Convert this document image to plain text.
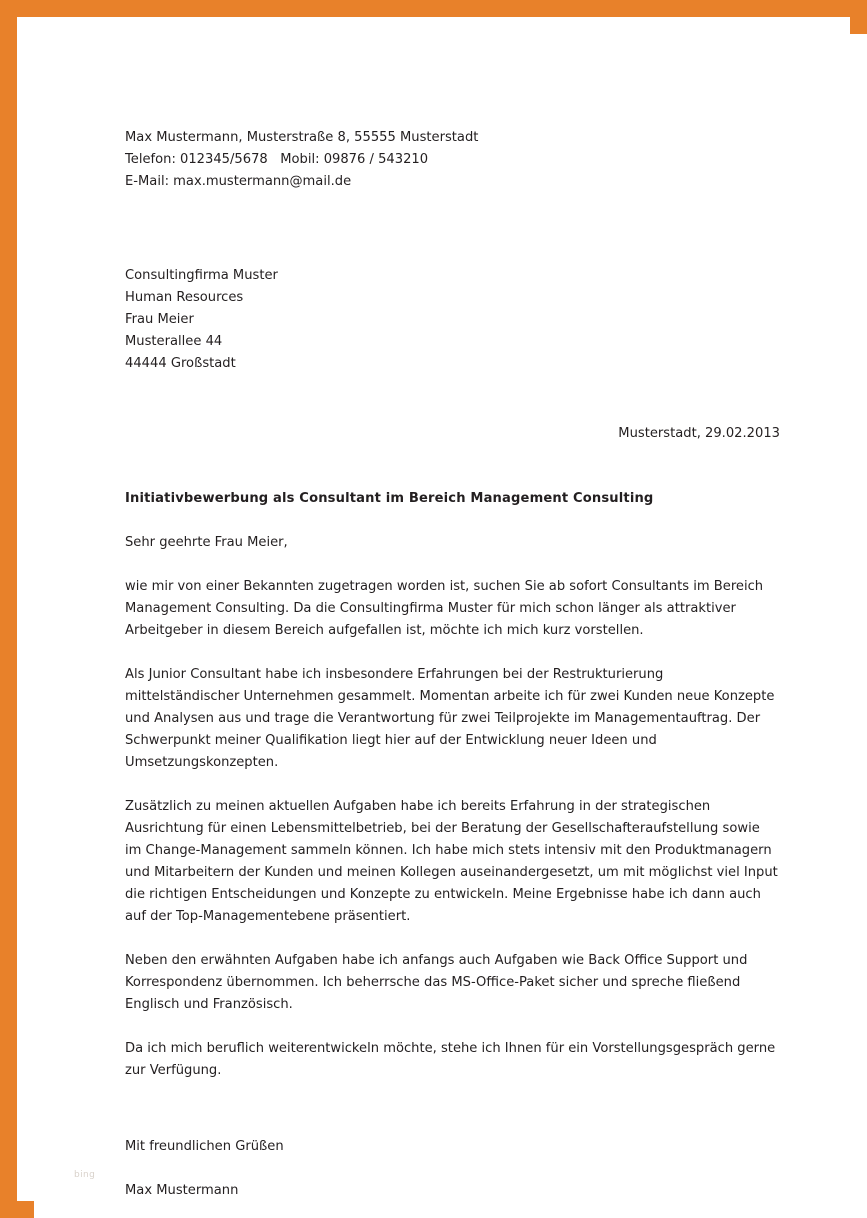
Max Mustermann, Musterstraße 8, 55555 Musterstadt
Telefon: 012345/5678   Mobil: 09876 / 543210
E-Mail: max.mustermann@mail.de
Consultingfirma Muster
Human Resources
Frau Meier
Musterallee 44
44444 Großstadt
Musterstadt, 29.02.2013
Initiativbewerbung als Consultant im Bereich Management Consulting
Sehr geehrte Frau Meier,

wie mir von einer Bekannten zugetragen worden ist, suchen Sie ab sofort Consultants im Bereich Management Consulting. Da die Consultingfirma Muster für mich schon länger als attraktiver Arbeitgeber in diesem Bereich aufgefallen ist, möchte ich mich kurz vorstellen.

Als Junior Consultant habe ich insbesondere Erfahrungen bei der Restrukturierung mittelständischer Unternehmen gesammelt. Momentan arbeite ich für zwei Kunden neue Konzepte und Analysen aus und trage die Verantwortung für zwei Teilprojekte im Managementauftrag. Der Schwerpunkt meiner Qualifikation liegt hier auf der Entwicklung neuer Ideen und Umsetzungskonzepten.

Zusätzlich zu meinen aktuellen Aufgaben habe ich bereits Erfahrung in der strategischen Ausrichtung für einen Lebensmittelbetrieb, bei der Beratung der Gesellschafteraufstellung sowie im Change-Management sammeln können. Ich habe mich stets intensiv mit den Produktmanagern und Mitarbeitern der Kunden und meinen Kollegen auseinandergesetzt, um mit möglichst viel Input die richtigen Entscheidungen und Konzepte zu entwickeln. Meine Ergebnisse habe ich dann auch auf der Top-Managementebene präsentiert.

Neben den erwähnten Aufgaben habe ich anfangs auch Aufgaben wie Back Office Support und Korrespondenz übernommen. Ich beherrsche das MS-Office-Paket sicher und spreche fließend Englisch und Französisch.

Da ich mich beruflich weiterentwickeln möchte, stehe ich Ihnen für ein Vorstellungsgespräch gerne zur Verfügung.

Mit freundlichen Grüßen
Max Mustermann
bing
